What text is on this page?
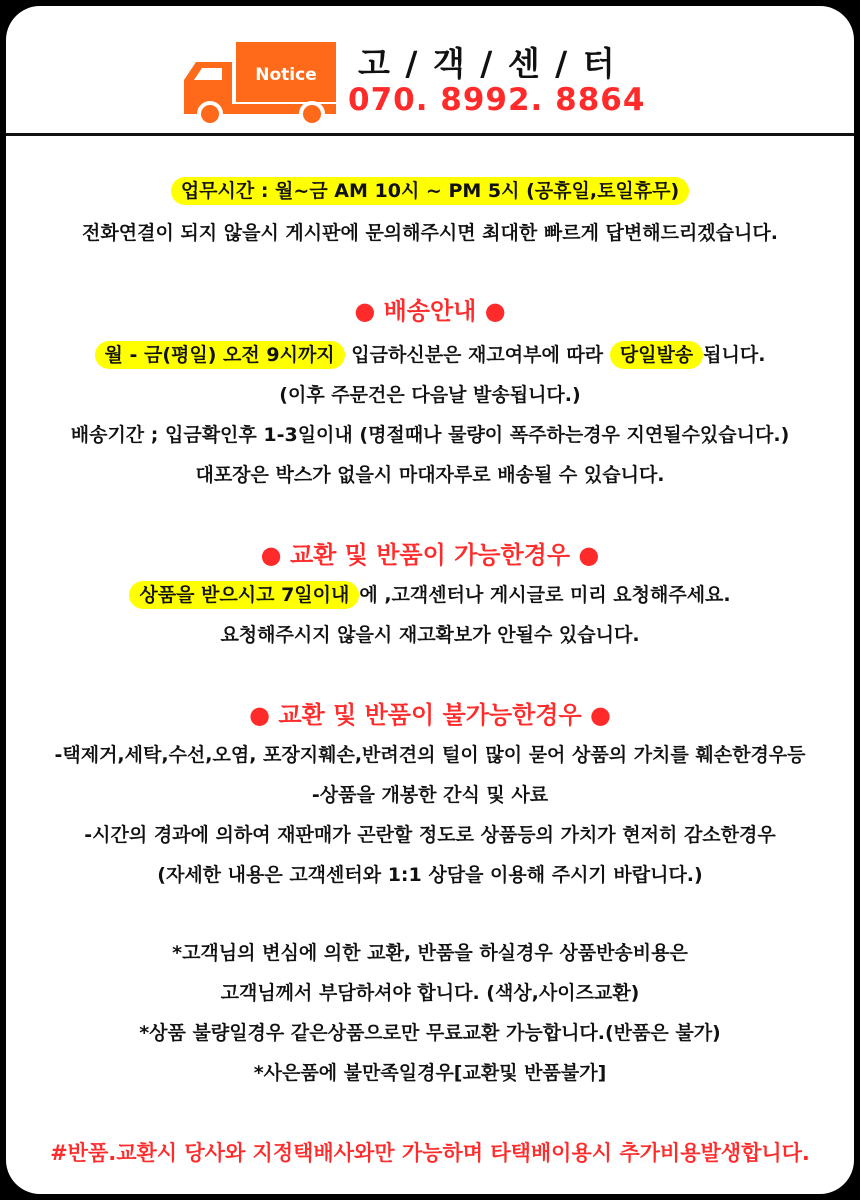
Notice 고 / 객 / 센 / 터
070. 8992. 8864
업무시간 : 월~금 AM 10시 ~ PM 5시 (공휴일,토일휴무)
전화연결이 되지 않을시 게시판에 문의해주시면 최대한 빠르게 답변해드리겠습니다.
● 배송안내 ●
월 - 금(평일) 오전 9시까지 입금하신분은 재고여부에 따라 당일발송 됩니다.
(이후 주문건은 다음날 발송됩니다.)
배송기간 ; 입금확인후 1-3일이내 (명절때나 물량이 폭주하는경우 지연될수있습니다.)
대포장은 박스가 없을시 마대자루로 배송될 수 있습니다.
● 교환 및 반품이 가능한경우 ●
상품을 받으시고 7일이내 에 ,고객센터나 게시글로 미리 요청해주세요.
요청해주시지 않을시 재고확보가 안될수 있습니다.
● 교환 및 반품이 불가능한경우 ●
-택제거,세탁,수선,오염, 포장지훼손,반려견의 털이 많이 묻어 상품의 가치를 훼손한경우등
-상품을 개봉한 간식 및 사료
-시간의 경과에 의하여 재판매가 곤란할 정도로 상품등의 가치가 현저히 감소한경우
(자세한 내용은 고객센터와 1:1 상담을 이용해 주시기 바랍니다.)
*고객님의 변심에 의한 교환, 반품을 하실경우 상품반송비용은
고객님께서 부담하셔야 합니다. (색상,사이즈교환)
*상품 불량일경우 같은상품으로만 무료교환 가능합니다.(반품은 불가)
*사은품에 불만족일경우[교환및 반품불가]
#반품.교환시 당사와 지정택배사와만 가능하며 타택배이용시 추가비용발생합니다.
